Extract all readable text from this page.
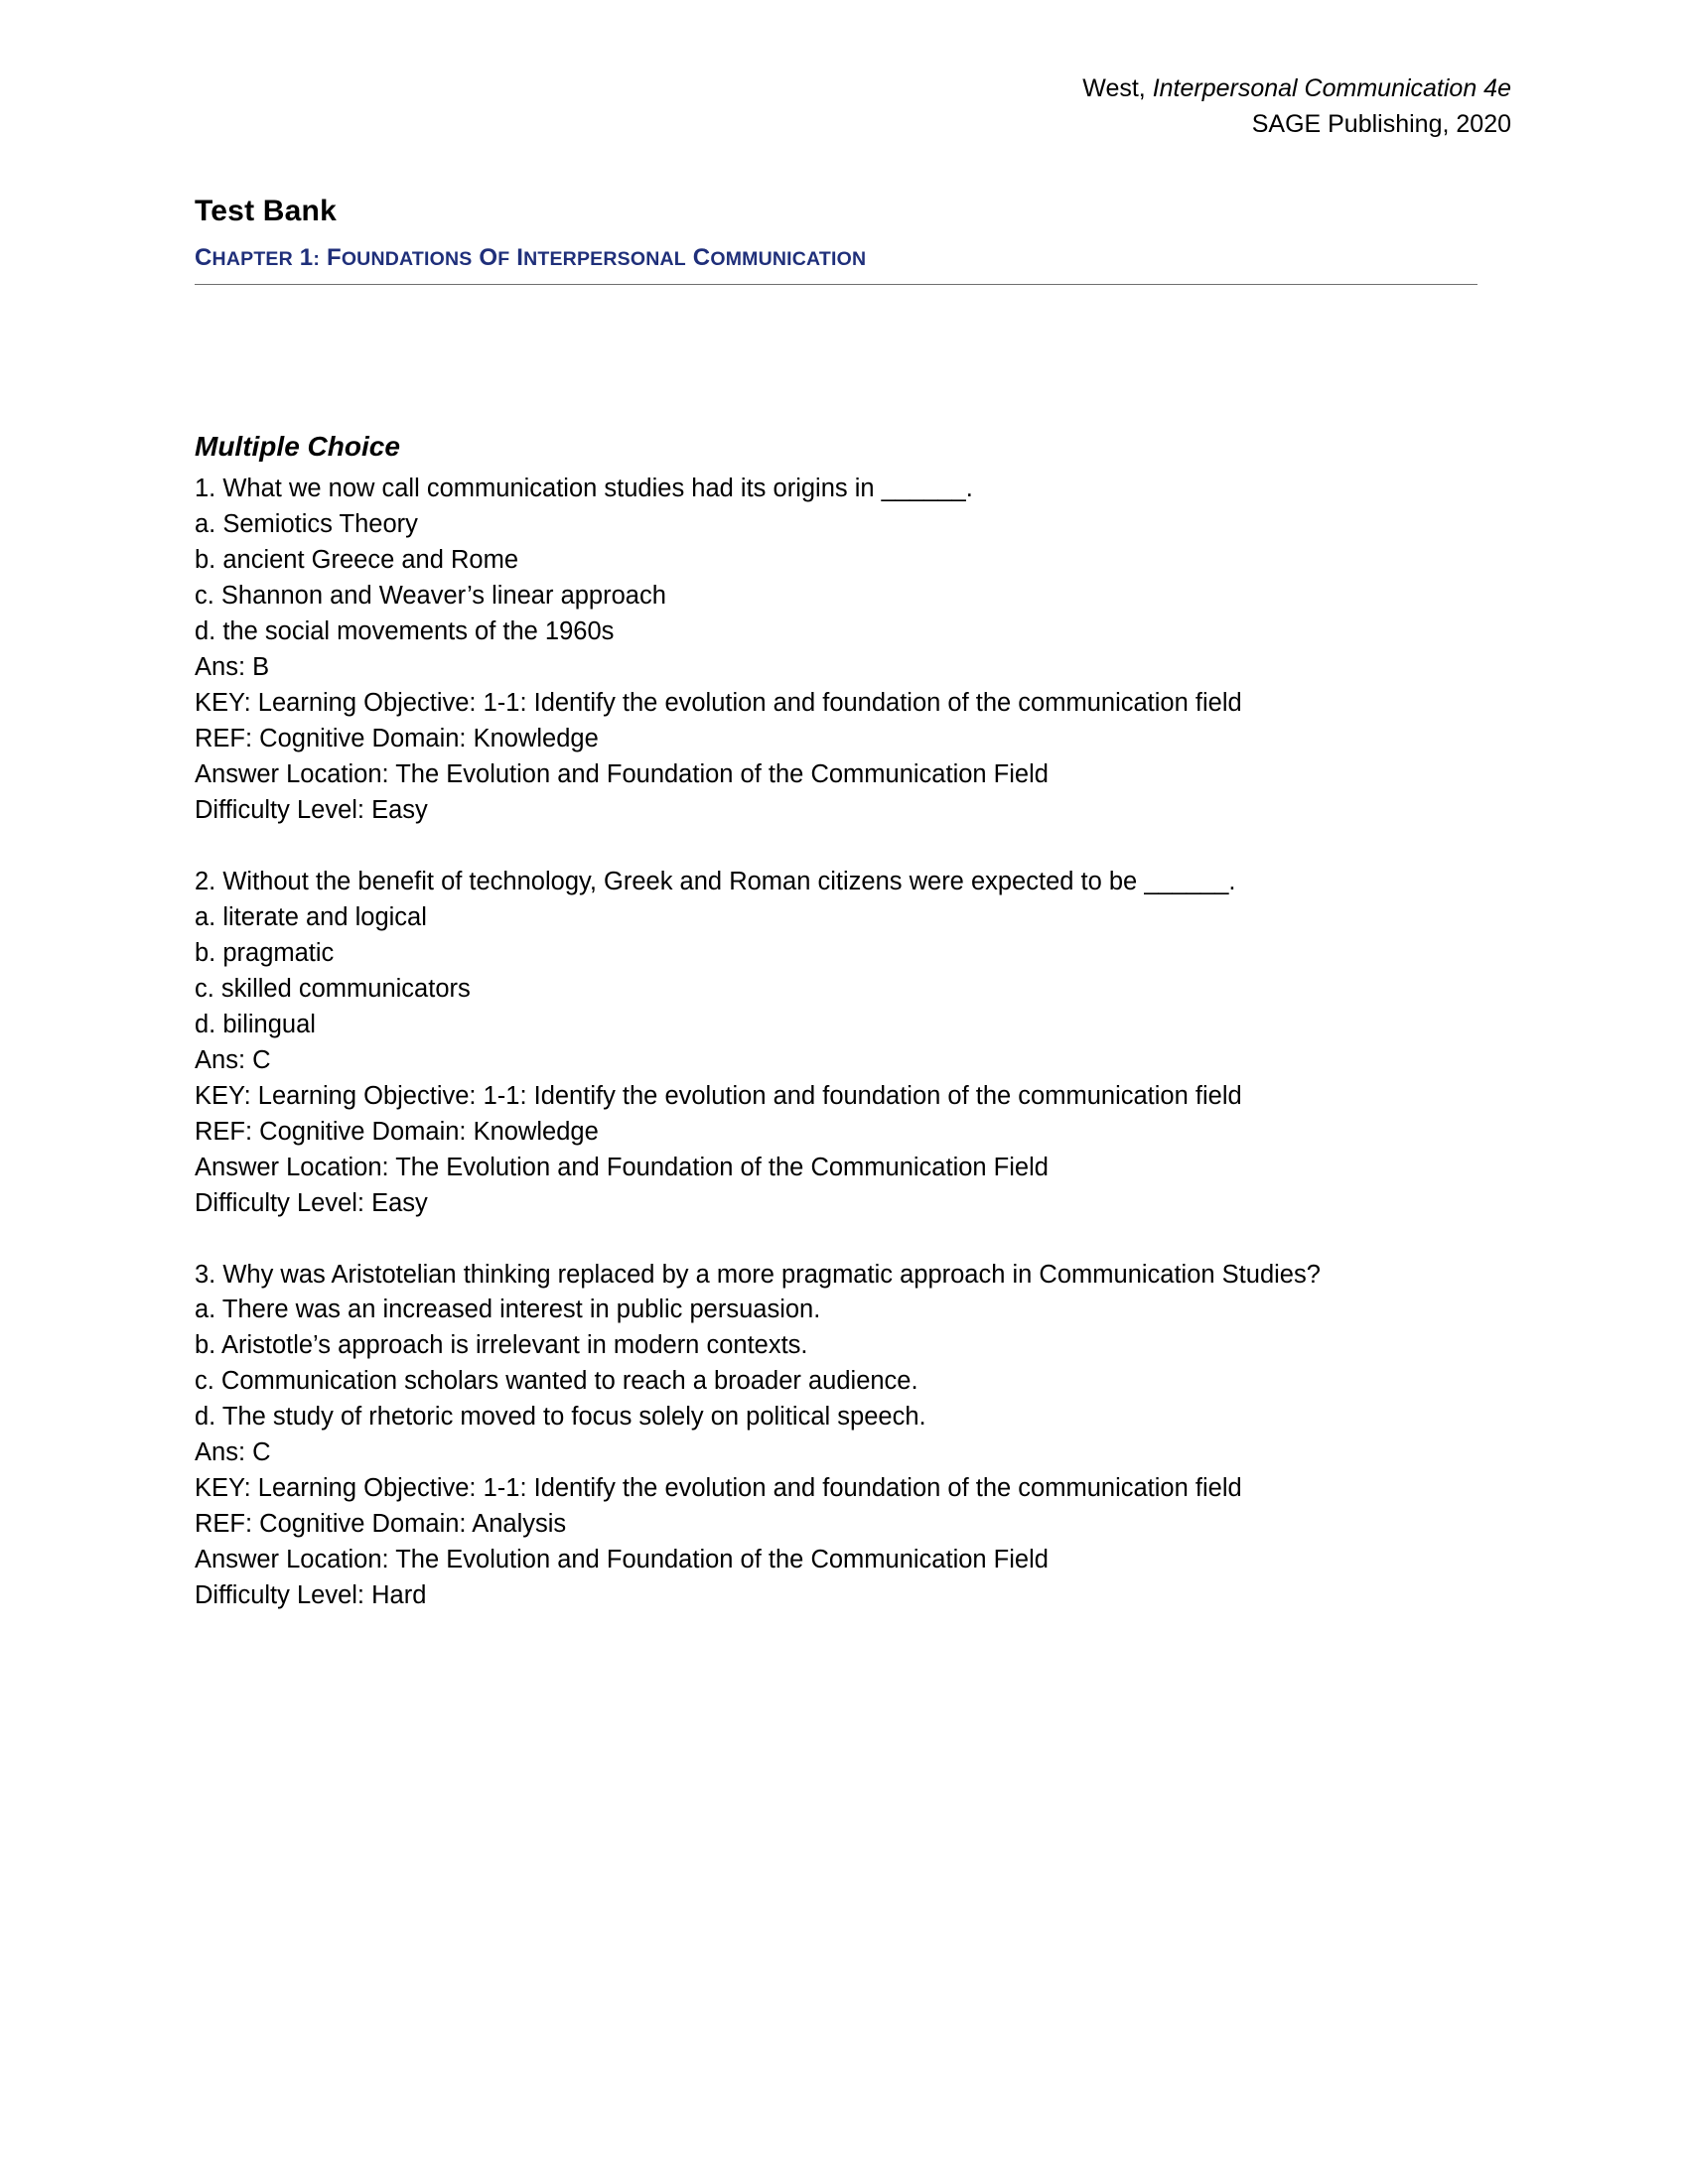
West, Interpersonal Communication 4e
SAGE Publishing, 2020
Test Bank
CHAPTER 1: FOUNDATIONS OF INTERPERSONAL COMMUNICATION
Multiple Choice
1. What we now call communication studies had its origins in ______.
a. Semiotics Theory
b. ancient Greece and Rome
c. Shannon and Weaver’s linear approach
d. the social movements of the 1960s
Ans: B
KEY: Learning Objective: 1-1: Identify the evolution and foundation of the communication field
REF: Cognitive Domain: Knowledge
Answer Location: The Evolution and Foundation of the Communication Field
Difficulty Level: Easy
2. Without the benefit of technology, Greek and Roman citizens were expected to be ______.
a. literate and logical
b. pragmatic
c. skilled communicators
d. bilingual
Ans: C
KEY: Learning Objective: 1-1: Identify the evolution and foundation of the communication field
REF: Cognitive Domain: Knowledge
Answer Location: The Evolution and Foundation of the Communication Field
Difficulty Level: Easy
3. Why was Aristotelian thinking replaced by a more pragmatic approach in Communication Studies?
a. There was an increased interest in public persuasion.
b. Aristotle’s approach is irrelevant in modern contexts.
c. Communication scholars wanted to reach a broader audience.
d. The study of rhetoric moved to focus solely on political speech.
Ans: C
KEY: Learning Objective: 1-1: Identify the evolution and foundation of the communication field
REF: Cognitive Domain: Analysis
Answer Location: The Evolution and Foundation of the Communication Field
Difficulty Level: Hard
